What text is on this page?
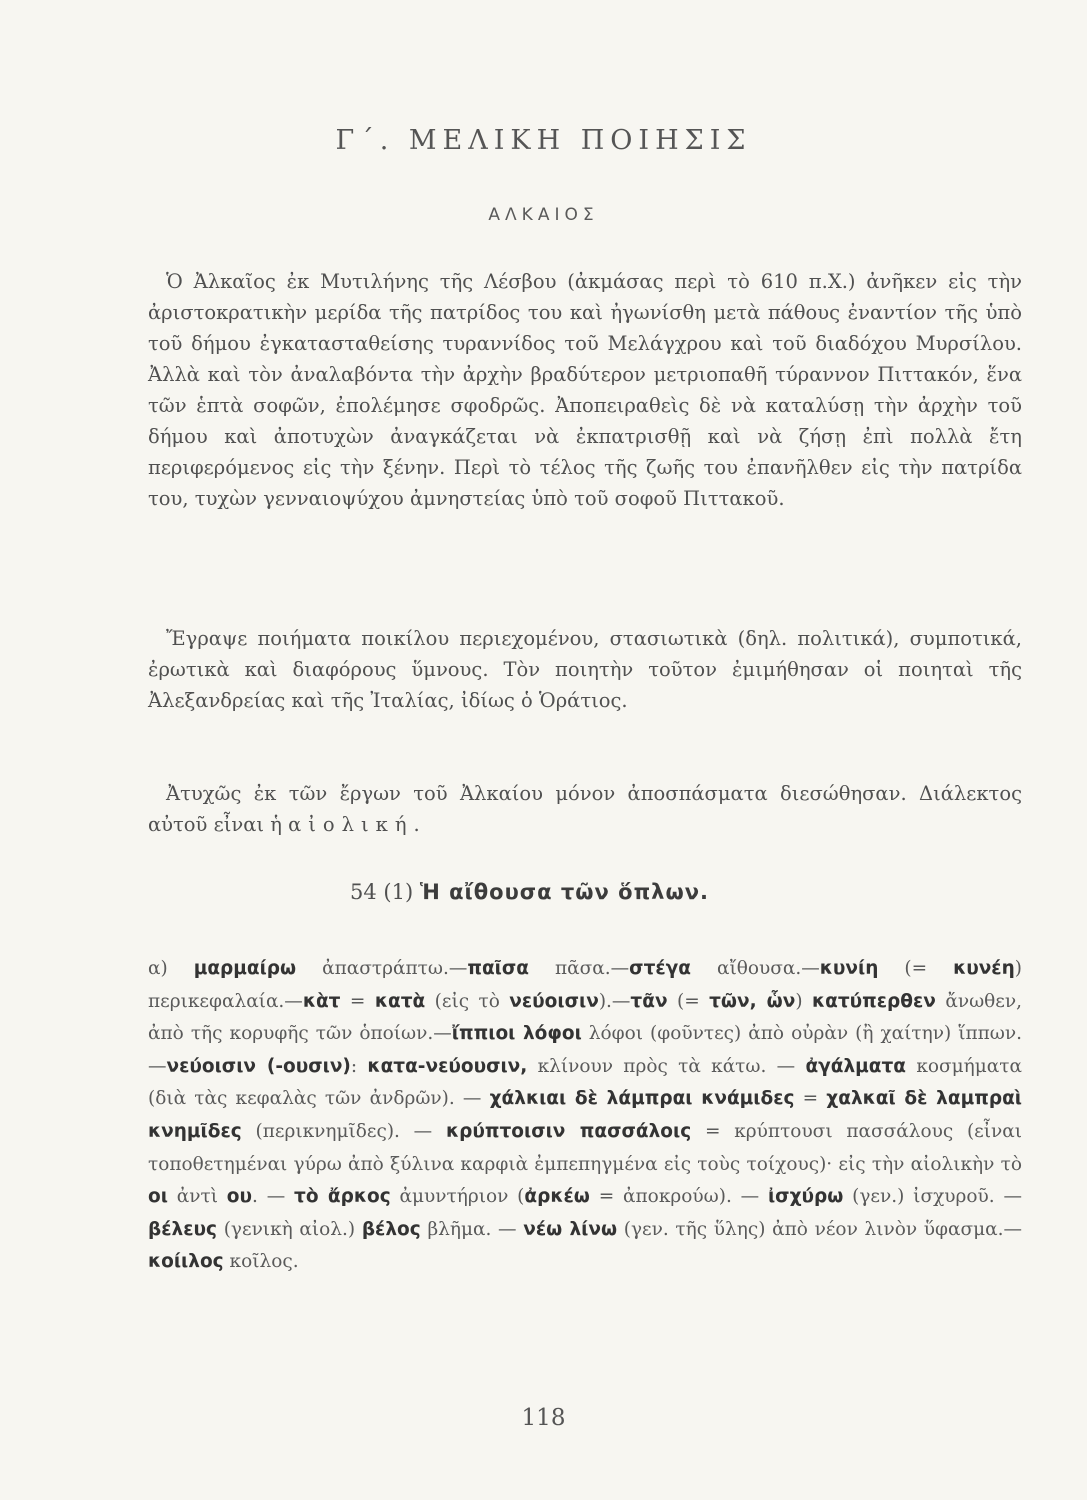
Γ΄. ΜΕΛΙΚΗ ΠΟΙΗΣΙΣ
ΑΛΚΑΙΟΣ

Ὁ Ἀλκαῖος ἐκ Μυτιλήνης τῆς Λέσβου (ἀκμάσας περὶ τὸ 610 π.Χ.) ἀνῆκεν εἰς τὴν ἀριστοκρατικὴν μερίδα τῆς πατρίδος του καὶ ἠγωνίσθη μετὰ πάθους ἐναντίον τῆς ὑπὸ τοῦ δήμου ἐγκατασταθείσης τυραννίδος τοῦ Μελάγχρου καὶ τοῦ διαδόχου Μυρσίλου. Ἀλλὰ καὶ τὸν ἀναλαβόντα τὴν ἀρχὴν βραδύτερον μετριοπαθῆ τύραννον Πιττακόν, ἕνα τῶν ἑπτὰ σοφῶν, ἐπολέμησε σφοδρῶς. Ἀποπειραθεὶς δὲ νὰ καταλύσῃ τὴν ἀρχὴν τοῦ δήμου καὶ ἀποτυχὼν ἀναγκάζεται νὰ ἐκπατρισθῇ καὶ νὰ ζήσῃ ἐπὶ πολλὰ ἔτη περιφερόμενος εἰς τὴν ξένην. Περὶ τὸ τέλος τῆς ζωῆς του ἐπανῆλθεν εἰς τὴν πατρίδα του, τυχὼν γενναιοψύχου ἀμνηστείας ὑπὸ τοῦ σοφοῦ Πιττακοῦ.

Ἔγραψε ποιήματα ποικίλου περιεχομένου, στασιωτικὰ (δηλ. πολιτικά), συμποτικά, ἐρωτικὰ καὶ διαφόρους ὕμνους. Τὸν ποιητὴν τοῦτον ἐμιμήθησαν οἱ ποιηταὶ τῆς Ἀλεξανδρείας καὶ τῆς Ἰταλίας, ἰδίως ὁ Ὁράτιος.

Ἀτυχῶς ἐκ τῶν ἔργων τοῦ Ἀλκαίου μόνον ἀποσπάσματα διεσώθησαν. Διάλεκτος αὐτοῦ εἶναι ἡ αἰολική.

54 (1) Ἡ αἴθουσα τῶν ὅπλων.
α) μαρμαίρω ἀπαστράπτω.—παῖσα πᾶσα.—στέγα αἴθουσα.—κυνίη (= κυνέη) περικεφαλαία.—κὰτ = κατὰ (εἰς τὸ νεύοισιν).—τᾶν (= τῶν, ὧν) κατύπερθεν ἄνωθεν, ἀπὸ τῆς κορυφῆς τῶν ὁποίων.—ἴππιοι λόφοι λόφοι (φοῦντες) ἀπὸ οὐρὰν (ἢ χαίτην) ἵππων.—νεύοισιν (-ουσιν): κατα-νεύουσιν, κλίνουν πρὸς τὰ κάτω. — ἀγάλματα κοσμήματα (διὰ τὰς κεφαλὰς τῶν ἀνδρῶν). — χάλκιαι δὲ λάμπραι κνάμιδες = χαλκαῖ δὲ λαμπραὶ κνημῖδες (περικνημῖδες). — κρύπτοισιν πασσάλοις = κρύπτουσι πασσάλους (εἶναι τοποθετημέναι γύρω ἀπὸ ξύλινα καρφιὰ ἐμπεπηγμένα εἰς τοὺς τοίχους)· εἰς τὴν αἰολικὴν τὸ οι ἀντὶ ου. — τὸ ἄρκος ἀμυντήριον (ἀρκέω = ἀποκρούω). — ἰσχύρω (γεν.) ἰσχυροῦ. — βέλευς (γενικὴ αἰολ.) βέλος βλῆμα. — νέω λίνω (γεν. τῆς ὕλης) ἀπὸ νέον λινὸν ὕφασμα.—κοίιλος κοῖλος.
118
